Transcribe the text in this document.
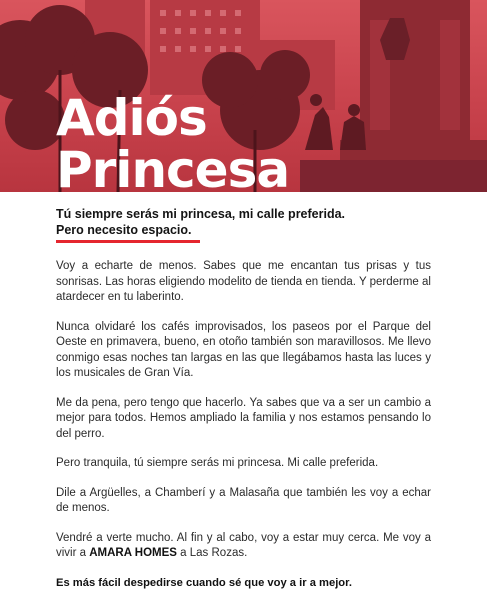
Adiós
Princesa

Tú siempre serás mi princesa, mi calle preferida.
Pero necesito espacio.

Voy a echarte de menos. Sabes que me encantan tus prisas y tus sonrisas. Las horas eligiendo modelito de tienda en tienda. Y perderme al atardecer en tu laberinto.

Nunca olvidaré los cafés improvisados, los paseos por el Parque del Oeste en primavera, bueno, en otoño también son maravillosos. Me llevo conmigo esas noches tan largas en las que llegábamos hasta las luces y los musicales de Gran Vía.

Me da pena, pero tengo que hacerlo. Ya sabes que va a ser un cambio a mejor para todos. Hemos ampliado la familia y nos estamos pensando lo del perro.

Pero tranquila, tú siempre serás mi princesa. Mi calle preferida.

Dile a Argüelles, a Chamberí y a Malasaña que también les voy a echar de menos.

Vendré a verte mucho. Al fin y al cabo, voy a estar muy cerca. Me voy a vivir a AMARA HOMES a Las Rozas.

Es más fácil despedirse cuando sé que voy a ir a mejor.
